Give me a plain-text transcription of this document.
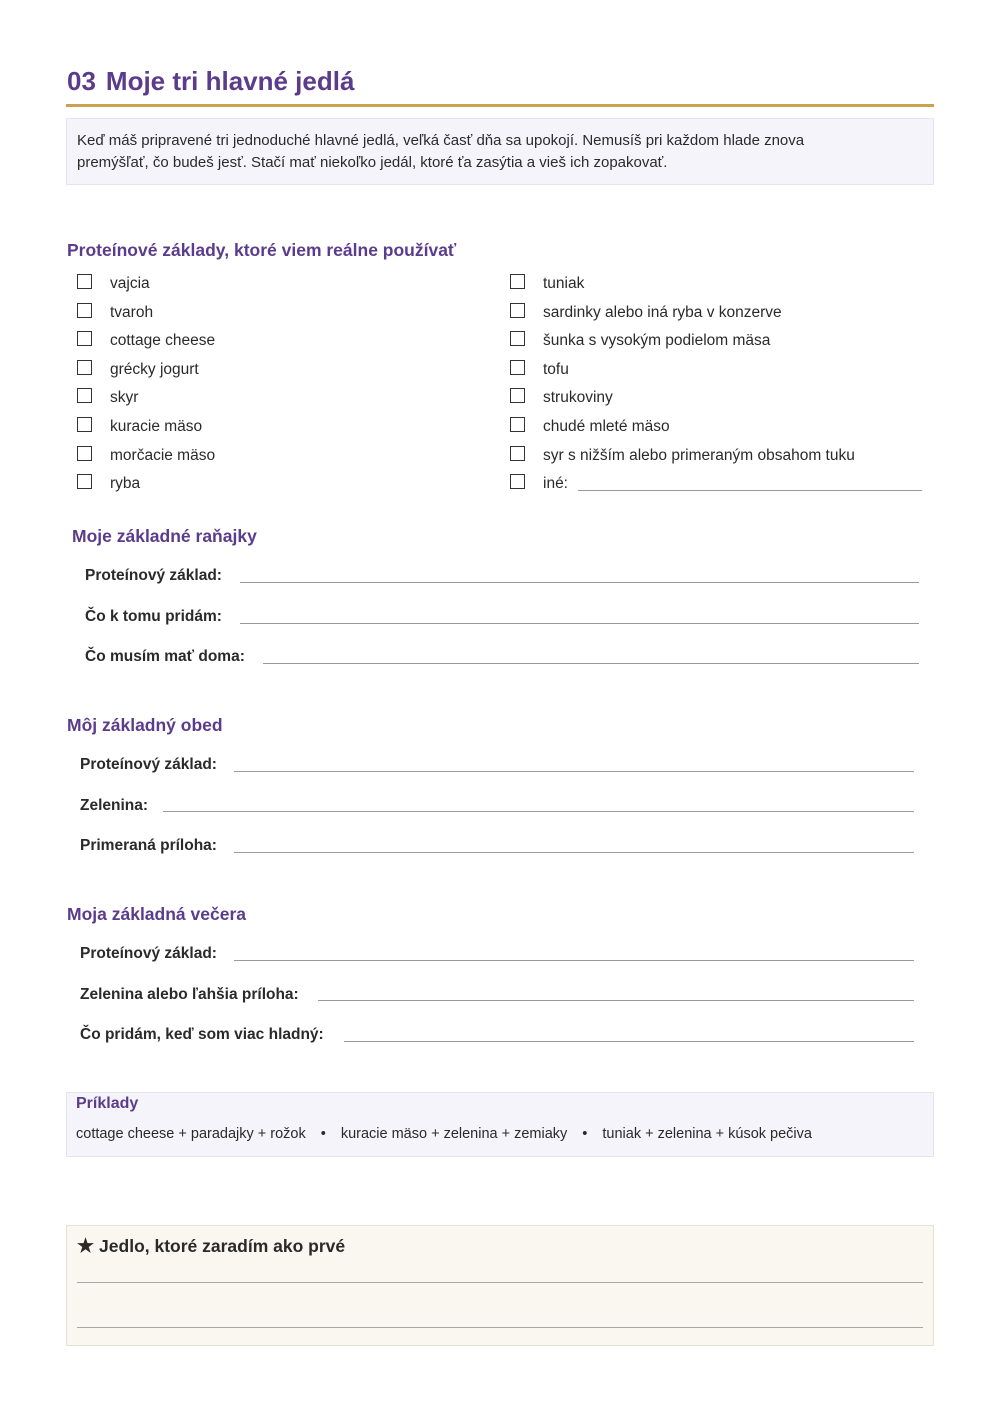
03 Moje tri hlavné jedlá
Keď máš pripravené tri jednoduché hlavné jedlá, veľká časť dňa sa upokojí. Nemusíš pri každom hlade znova
premýšľať, čo budeš jesť. Stačí mať niekoľko jedál, ktoré ťa zasýtia a vieš ich zopakovať.
Proteínové základy, ktoré viem reálne používať
vajcia
tvaroh
cottage cheese
grécky jogurt
skyr
kuracie mäso
morčacie mäso
ryba
tuniak
sardinky alebo iná ryba v konzerve
šunka s vysokým podielom mäsa
tofu
strukoviny
chudé mleté mäso
syr s nižším alebo primeraným obsahom tuku
iné:
Moje základné raňajky
Proteínový základ:
Čo k tomu pridám:
Čo musím mať doma:
Môj základný obed
Proteínový základ:
Zelenina:
Primeraná príloha:
Moja základná večera
Proteínový základ:
Zelenina alebo ľahšia príloha:
Čo pridám, keď som viac hladný:
Príklady
cottage cheese + paradajky + rožok • kuracie mäso + zelenina + zemiaky • tuniak + zelenina + kúsok pečiva
★ Jedlo, ktoré zaradím ako prvé
